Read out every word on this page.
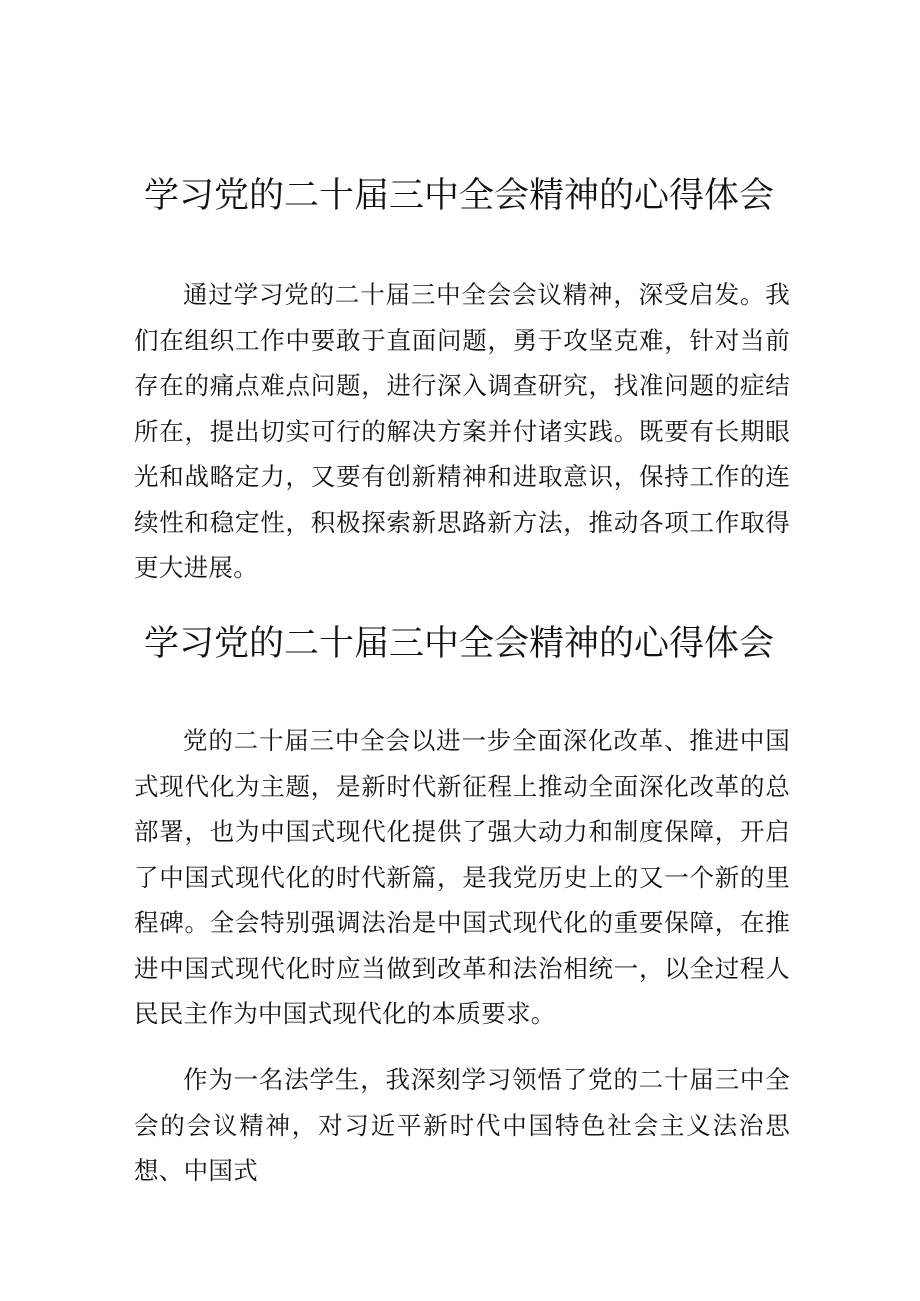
学习党的二十届三中全会精神的心得体会

通过学习党的二十届三中全会会议精神，深受启发。我们在组织工作中要敢于直面问题，勇于攻坚克难，针对当前存在的痛点难点问题，进行深入调查研究，找准问题的症结所在，提出切实可行的解决方案并付诸实践。既要有长期眼光和战略定力，又要有创新精神和进取意识，保持工作的连续性和稳定性，积极探索新思路新方法，推动各项工作取得更大进展。

学习党的二十届三中全会精神的心得体会

党的二十届三中全会以进一步全面深化改革、推进中国式现代化为主题，是新时代新征程上推动全面深化改革的总部署，也为中国式现代化提供了强大动力和制度保障，开启了中国式现代化的时代新篇，是我党历史上的又一个新的里程碑。全会特别强调法治是中国式现代化的重要保障，在推进中国式现代化时应当做到改革和法治相统一，以全过程人民民主作为中国式现代化的本质要求。

作为一名法学生，我深刻学习领悟了党的二十届三中全会的会议精神，对习近平新时代中国特色社会主义法治思想、中国式
